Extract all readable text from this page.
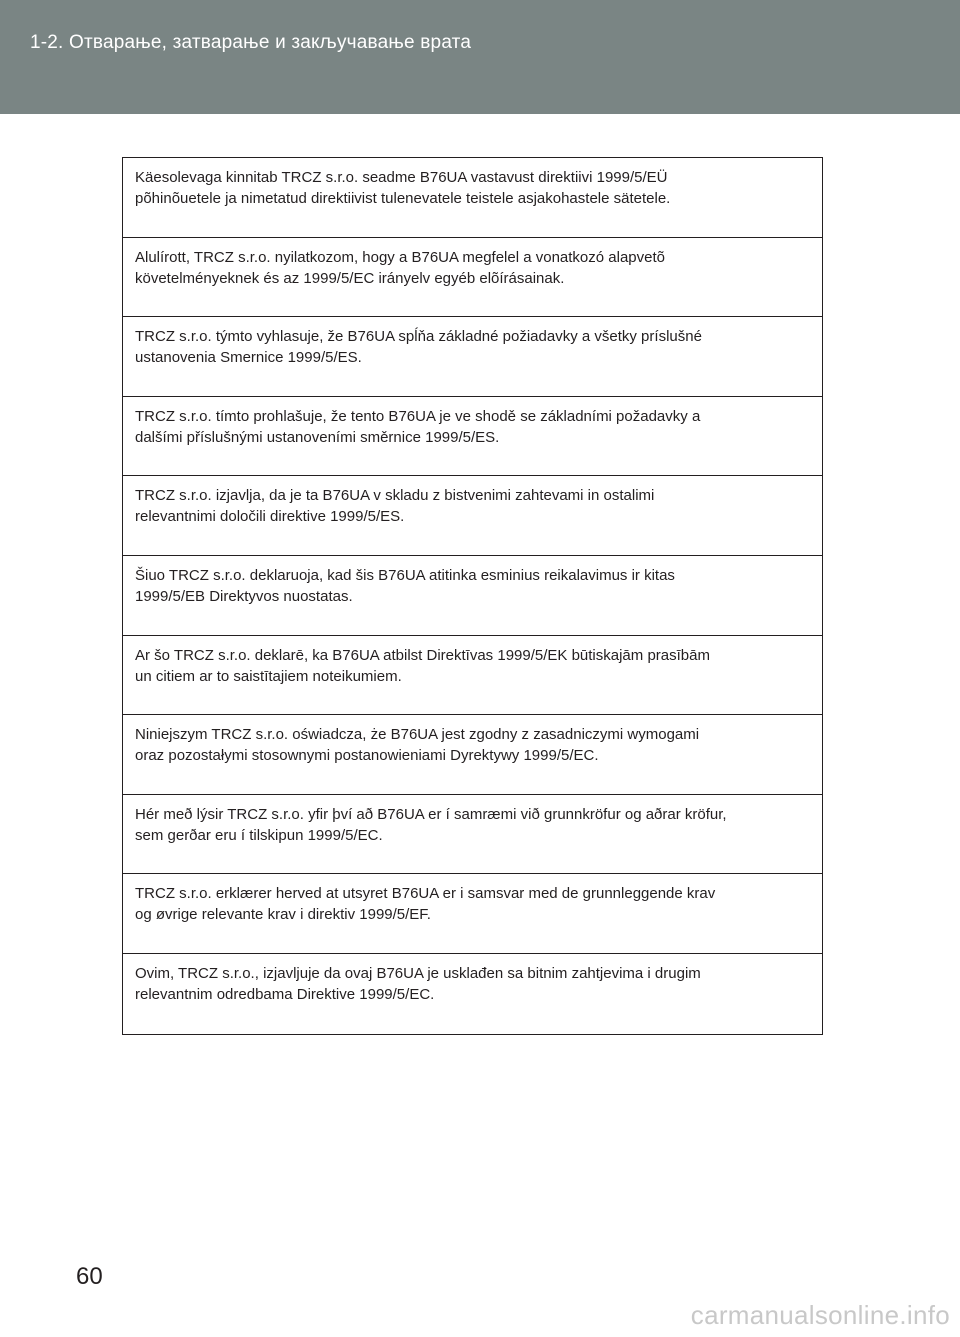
1-2. Отварање, затварање и закључавање врата

Käesolevaga kinnitab TRCZ s.r.o. seadme B76UA vastavust direktiivi 1999/5/EÜ
põhinõuetele ja nimetatud direktiivist tulenevatele teistele asjakohastele sätetele.

Alulírott, TRCZ s.r.o. nyilatkozom, hogy a B76UA megfelel a vonatkozó alapvetõ
követelményeknek és az 1999/5/EC irányelv egyéb elõírásainak.

TRCZ s.r.o. týmto vyhlasuje, že B76UA spĺňa základné požiadavky a všetky príslušné
ustanovenia Smernice 1999/5/ES.

TRCZ s.r.o. tímto prohlašuje, že tento B76UA je ve shodě se základními požadavky a
dalšími příslušnými ustanoveními směrnice 1999/5/ES.

TRCZ s.r.o. izjavlja, da je ta B76UA v skladu z bistvenimi zahtevami in ostalimi
relevantnimi določili direktive 1999/5/ES.

Šiuo TRCZ s.r.o. deklaruoja, kad šis B76UA atitinka esminius reikalavimus ir kitas
1999/5/EB Direktyvos nuostatas.

Ar šo TRCZ s.r.o. deklarē, ka B76UA atbilst Direktīvas 1999/5/EK būtiskajām prasībām
un citiem ar to saistītajiem noteikumiem.

Niniejszym TRCZ s.r.o. oświadcza, że B76UA jest zgodny z zasadniczymi wymogami
oraz pozostałymi stosownymi postanowieniami Dyrektywy 1999/5/EC.

Hér með lýsir TRCZ s.r.o. yfir því að B76UA er í samræmi við grunnkröfur og aðrar kröfur,
sem gerðar eru í tilskipun 1999/5/EC.

TRCZ s.r.o. erklærer herved at utsyret B76UA er i samsvar med de grunnleggende krav
og øvrige relevante krav i direktiv 1999/5/EF.

Ovim, TRCZ s.r.o., izjavljuje da ovaj B76UA je usklađen sa bitnim zahtjevima i drugim
relevantnim odredbama Direktive 1999/5/EC.

60
carmanualsonline.info
